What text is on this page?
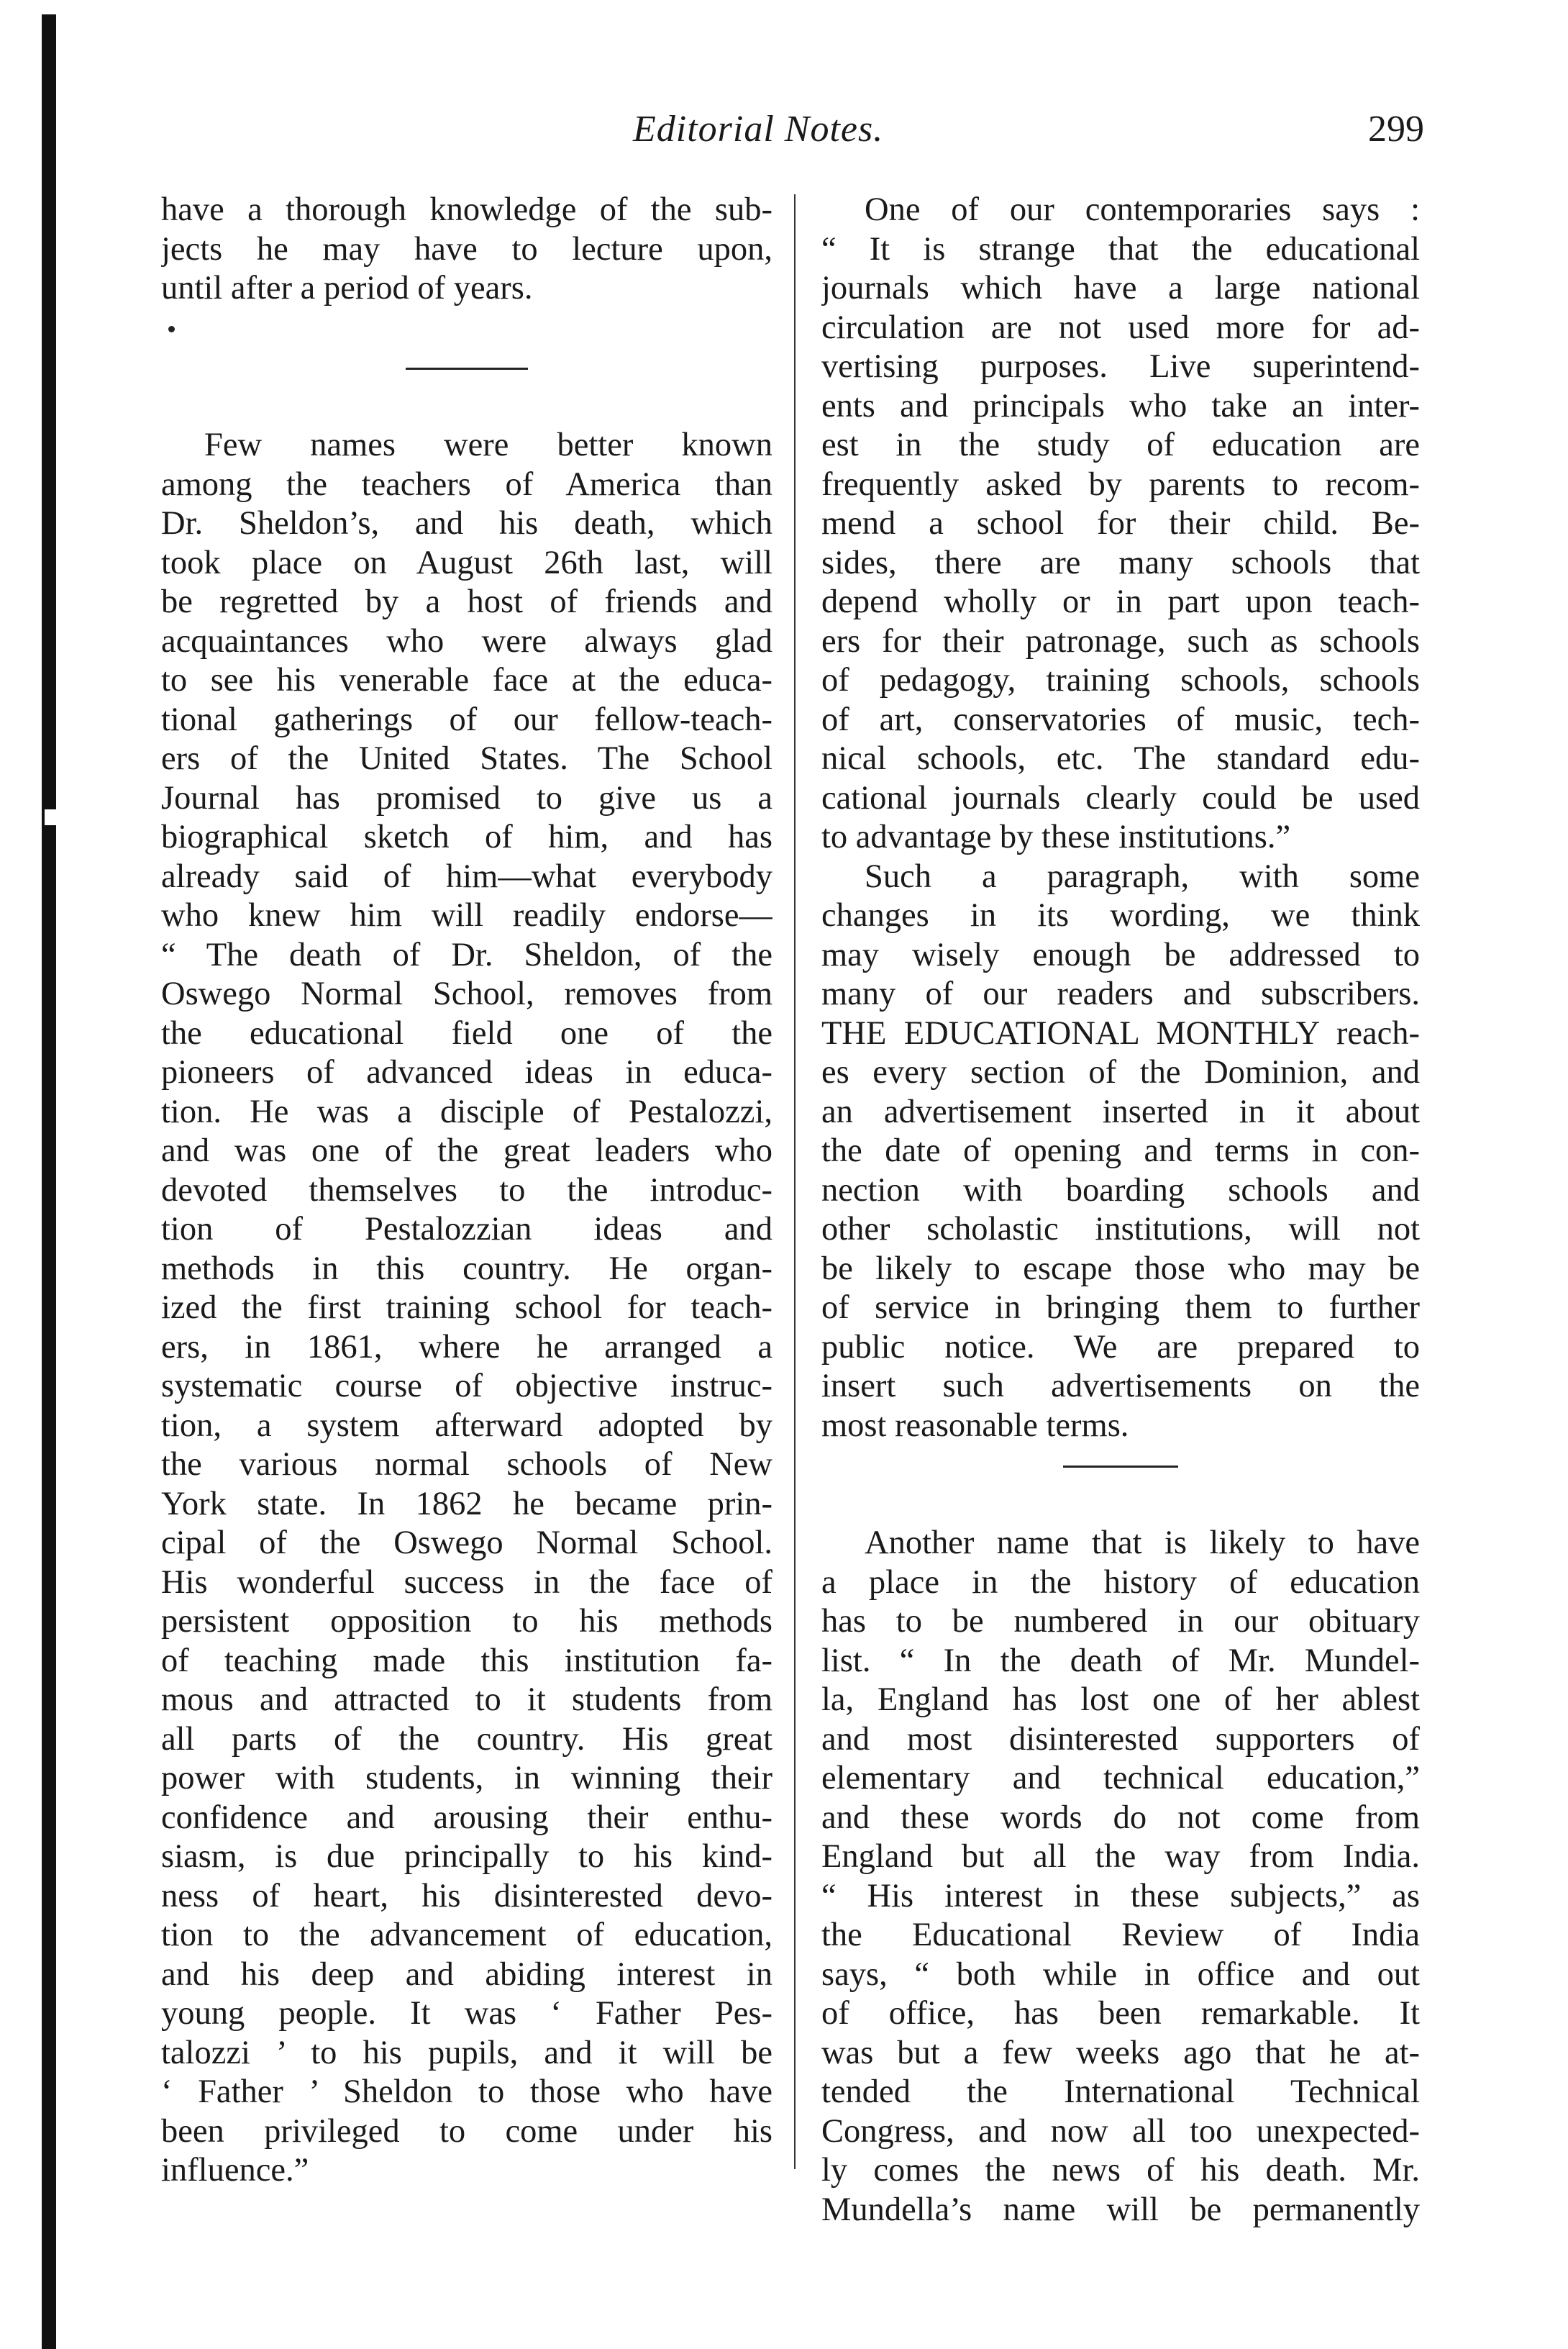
Editorial Notes.	299
have a thorough knowledge of the sub-
jects he may have to lecture upon,
until after a period of years.
Few names were better known
among the teachers of America than
Dr. Sheldon’s, and his death, which
took place on August 26th last, will
be regretted by a host of friends and
acquaintances who were always glad
to see his venerable face at the educa-
tional gatherings of our fellow-teach-
ers of the United States. The School
Journal has promised to give us a
biographical sketch of him, and has
already said of him—what everybody
who knew him will readily endorse—
“ The death of Dr. Sheldon, of the
Oswego Normal School, removes from
the educational field one of the
pioneers of advanced ideas in educa-
tion. He was a disciple of Pestalozzi,
and was one of the great leaders who
devoted themselves to the introduc-
tion of Pestalozzian ideas and
methods in this country. He organ-
ized the first training school for teach-
ers, in 1861, where he arranged a
systematic course of objective instruc-
tion, a system afterward adopted by
the various normal schools of New
York state. In 1862 he became prin-
cipal of the Oswego Normal School.
His wonderful success in the face of
persistent opposition to his methods
of teaching made this institution fa-
mous and attracted to it students from
all parts of the country. His great
power with students, in winning their
confidence and arousing their enthu-
siasm, is due principally to his kind-
ness of heart, his disinterested devo-
tion to the advancement of education,
and his deep and abiding interest in
young people. It was ‘ Father Pes-
talozzi ’ to his pupils, and it will be
‘ Father ’ Sheldon to those who have
been privileged to come under his
influence.”
One of our contemporaries says :
“ It is strange that the educational
journals which have a large national
circulation are not used more for ad-
vertising purposes. Live superintend-
ents and principals who take an inter-
est in the study of education are
frequently asked by parents to recom-
mend a school for their child. Be-
sides, there are many schools that
depend wholly or in part upon teach-
ers for their patronage, such as schools
of pedagogy, training schools, schools
of art, conservatories of music, tech-
nical schools, etc. The standard edu-
cational journals clearly could be used
to advantage by these institutions.”
Such a paragraph, with some
changes in its wording, we think
may wisely enough be addressed to
many of our readers and subscribers.
THE EDUCATIONAL MONTHLY reach-
es every section of the Dominion, and
an advertisement inserted in it about
the date of opening and terms in con-
nection with boarding schools and
other scholastic institutions, will not
be likely to escape those who may be
of service in bringing them to further
public notice. We are prepared to
insert such advertisements on the
most reasonable terms.
Another name that is likely to have
a place in the history of education
has to be numbered in our obituary
list. “ In the death of Mr. Mundel-
la, England has lost one of her ablest
and most disinterested supporters of
elementary and technical education,”
and these words do not come from
England but all the way from India.
“ His interest in these subjects,” as
the Educational Review of India
says, “ both while in office and out
of office, has been remarkable. It
was but a few weeks ago that he at-
tended the International Technical
Congress, and now all too unexpected-
ly comes the news of his death. Mr.
Mundella’s name will be permanently
